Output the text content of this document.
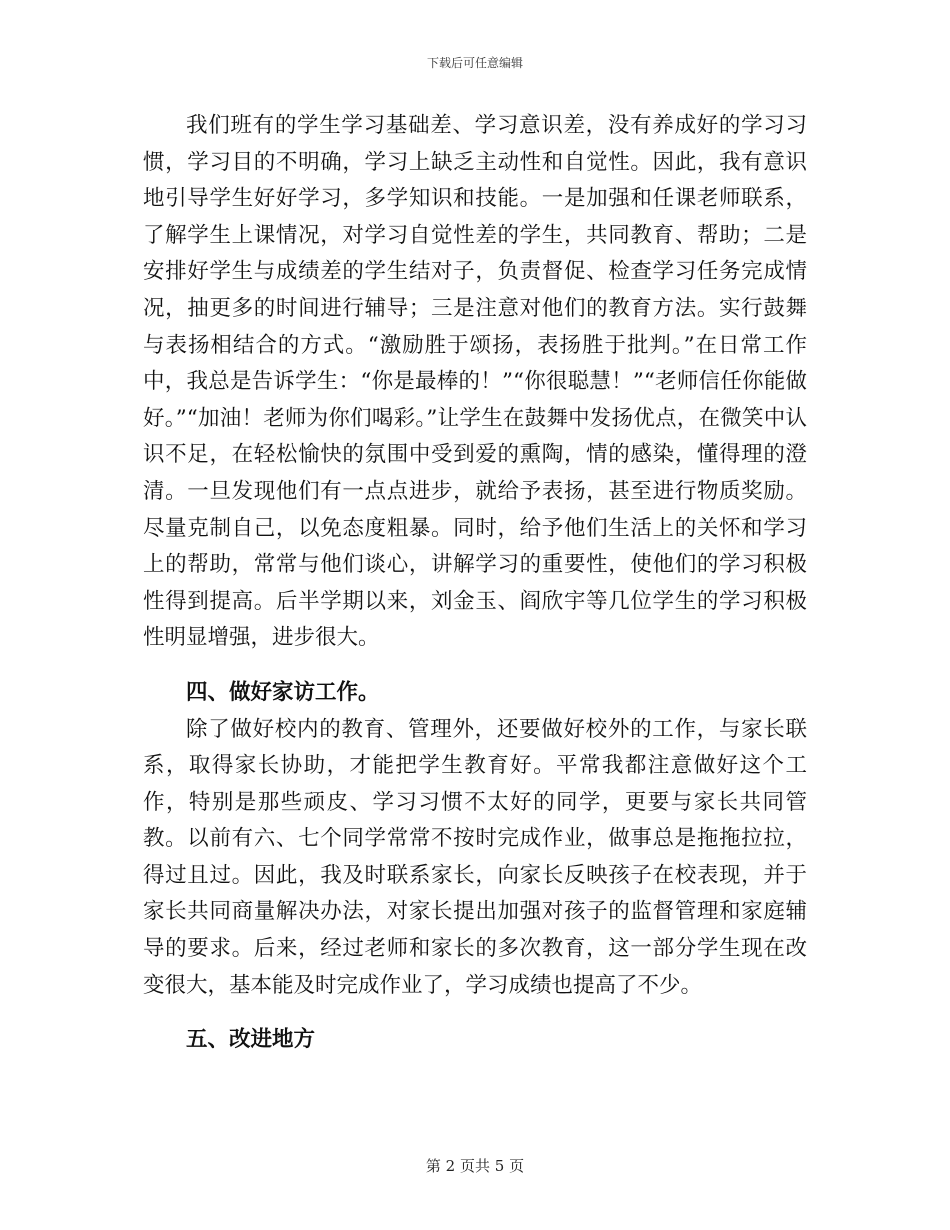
下载后可任意编辑

我们班有的学生学习基础差、学习意识差，没有养成好的学习习惯，学习目的不明确，学习上缺乏主动性和自觉性。因此，我有意识地引导学生好好学习，多学知识和技能。一是加强和任课老师联系，了解学生上课情况，对学习自觉性差的学生，共同教育、帮助；二是安排好学生与成绩差的学生结对子，负责督促、检查学习任务完成情况，抽更多的时间进行辅导；三是注意对他们的教育方法。实行鼓舞与表扬相结合的方式。“激励胜于颂扬，表扬胜于批判。”在日常工作中，我总是告诉学生：“你是最棒的！”“你很聪慧！”“老师信任你能做好。”“加油！老师为你们喝彩。”让学生在鼓舞中发扬优点，在微笑中认识不足，在轻松愉快的氛围中受到爱的熏陶，情的感染，懂得理的澄清。一旦发现他们有一点点进步，就给予表扬，甚至进行物质奖励。尽量克制自己，以免态度粗暴。同时，给予他们生活上的关怀和学习上的帮助，常常与他们谈心，讲解学习的重要性，使他们的学习积极性得到提高。后半学期以来，刘金玉、阎欣宇等几位学生的学习积极性明显增强，进步很大。

四、做好家访工作。

除了做好校内的教育、管理外，还要做好校外的工作，与家长联系，取得家长协助，才能把学生教育好。平常我都注意做好这个工作，特别是那些顽皮、学习习惯不太好的同学，更要与家长共同管教。以前有六、七个同学常常不按时完成作业，做事总是拖拖拉拉，得过且过。因此，我及时联系家长，向家长反映孩子在校表现，并于家长共同商量解决办法，对家长提出加强对孩子的监督管理和家庭辅导的要求。后来，经过老师和家长的多次教育，这一部分学生现在改变很大，基本能及时完成作业了，学习成绩也提高了不少。

五、改进地方

第 2 页共 5 页
